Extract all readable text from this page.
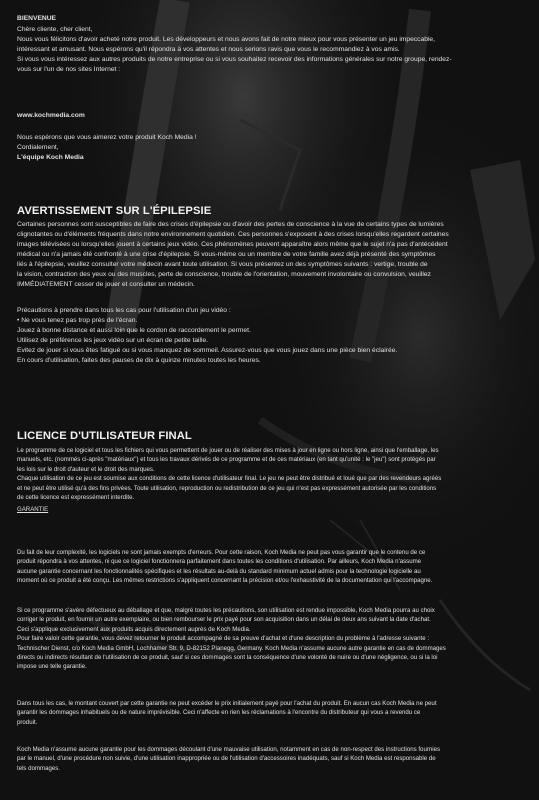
BIENVENUE
Chère cliente, cher client,
Nous vous félicitons d'avoir acheté notre produit. Les développeurs et nous avons fait de notre mieux pour vous présenter un jeu impeccable,
intéressant et amusant. Nous espérons qu'il répondra à vos attentes et nous serions ravis que vous le recommandiez à vos amis.
Si vous vous intéressez aux autres produits de notre entreprise ou si vous souhaitez recevoir des informations générales sur notre groupe, rendez-
vous sur l'un de nos sites Internet :
www.kochmedia.com
Nous espérons que vous aimerez votre produit Koch Media !
Cordialement,
L'équipe Koch Media
AVERTISSEMENT SUR L'ÉPILEPSIE
Certaines personnes sont susceptibles de faire des crises d'épilepsie ou d'avoir des pertes de conscience à la vue de certains types de lumières
clignotantes ou d'éléments fréquents dans notre environnement quotidien. Ces personnes s'exposent à des crises lorsqu'elles regardent certaines
images télévisées ou lorsqu'elles jouent à certains jeux vidéo. Ces phénomènes peuvent apparaître alors même que le sujet n'a pas d'antécédent
médical ou n'a jamais été confronté à une crise d'épilepsie. Si vous-même ou un membre de votre famille avez déjà présenté des symptômes
liés à l'épilepsie, veuillez consulter votre médecin avant toute utilisation. Si vous présentez un des symptômes suivants : vertige, trouble de
la vision, contraction des yeux ou des muscles, perte de conscience, trouble de l'orientation, mouvement involontaire ou convulsion, veuillez
IMMÉDIATEMENT cesser de jouer et consulter un médecin.
Précautions à prendre dans tous les cas pour l'utilisation d'un jeu vidéo :
• Ne vous tenez pas trop près de l'écran.
Jouez à bonne distance et aussi loin que le cordon de raccordement le permet.
Utilisez de préférence les jeux vidéo sur un écran de petite taille.
Evitez de jouer si vous êtes fatigué ou si vous manquez de sommeil. Assurez-vous que vous jouez dans une pièce bien éclairée.
En cours d'utilisation, faites des pauses de dix à quinze minutes toutes les heures.
LICENCE D'UTILISATEUR FINAL
Le programme de ce logiciel et tous les fichiers qui vous permettent de jouer ou de réaliser des mises à jour en ligne ou hors ligne, ainsi que l'emballage, les
manuels, etc. (nommés ci-après "matériaux") et tous les travaux dérivés de ce programme et de ces matériaux (en tant qu'unité : le "jeu") sont protégés par
les lois sur le droit d'auteur et le droit des marques.
Chaque utilisation de ce jeu est soumise aux conditions de cette licence d'utilisateur final. Le jeu ne peut être distribué et loué que par des revendeurs agréés
et ne peut être utilisé qu'à des fins privées. Toute utilisation, reproduction ou redistribution de ce jeu qui n'est pas expressément autorisée par les conditions
de cette licence est expressément interdite.
GARANTIE
Du fait de leur complexité, les logiciels ne sont jamais exempts d'erreurs. Pour cette raison, Koch Media ne peut pas vous garantir que le contenu de ce
produit répondra à vos attentes, ni que ce logiciel fonctionnera parfaitement dans toutes les conditions d'utilisation. Par ailleurs, Koch Media n'assume
aucune garantie concernant les fonctionnalités spécifiques et les résultats au-delà du standard minimum actuel admis pour la technologie logicielle au
moment où ce produit a été conçu. Les mêmes restrictions s'appliquent concernant la précision et/ou l'exhaustivité de la documentation qui l'accompagne.
Si ce programme s'avère défectueux au déballage et que, malgré toutes les précautions, son utilisation est rendue impossible, Koch Media pourra au choix
corriger le produit, en fournir un autre exemplaire, ou bien rembourser le prix payé pour son acquisition dans un délai de deux ans suivant la date d'achat.
Ceci s'applique exclusivement aux produits acquis directement auprès de Koch Media.
Pour faire valoir cette garantie, vous devez retourner le produit accompagné de sa preuve d'achat et d'une description du problème à l'adresse suivante :
Technischer Dienst, c/o Koch Media GmbH, Lochhamer Str. 9, D-82152 Planegg, Germany. Koch Media n'assume aucune autre garantie en cas de dommages
directs ou indirects résultant de l'utilisation de ce produit, sauf si ces dommages sont la conséquence d'une volonté de nuire ou d'une négligence, ou si la loi
impose une telle garantie.
Dans tous les cas, le montant couvert par cette garantie ne peut excéder le prix initialement payé pour l'achat du produit. En aucun cas Koch Media ne peut
garantir les dommages inhabituels ou de nature imprévisible. Ceci n'affecte en rien les réclamations à l'encontre du distributeur qui vous a revendu ce
produit.
Koch Media n'assume aucune garantie pour les dommages découlant d'une mauvaise utilisation, notamment en cas de non-respect des instructions fournies
par le manuel, d'une procédure non suivie, d'une utilisation inappropriée ou de l'utilisation d'accessoires inadéquats, sauf si Koch Media est responsable de
tels dommages.
